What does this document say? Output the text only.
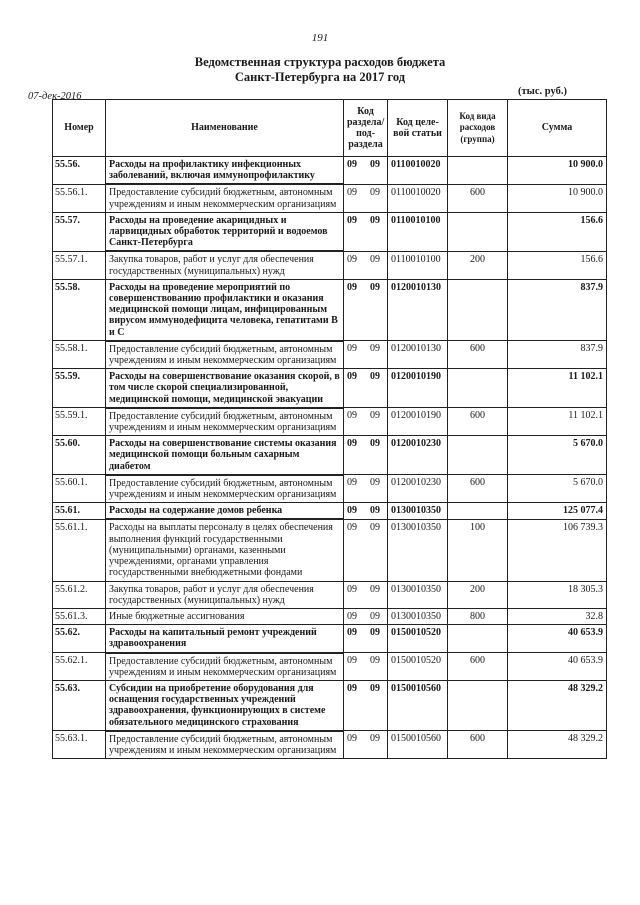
191
Ведомственная структура расходов бюджета
Санкт-Петербурга на 2017 год
07-дек-2016	(тыс. руб.)
Номер	Наименование	Код раздела/ под- раздела	Код целе- вой статьи	Код вида расходов (группа)	Сумма
55.56.	Расходы на профилактику инфекционных заболеваний, включая иммунопрофилактику	09 09	0110010020		10 900.0
55.56.1.	Предоставление субсидий бюджетным, автономным учреждениям и иным некоммерческим организациям	09 09	0110010020	600	10 900.0
55.57.	Расходы на проведение акарицидных и ларвицидных обработок территорий и водоемов Санкт-Петербурга	09 09	0110010100		156.6
55.57.1.	Закупка товаров, работ и услуг для обеспечения государственных (муниципальных) нужд	09 09	0110010100	200	156.6
55.58.	Расходы на проведение мероприятий по совершенствованию профилактики и оказания медицинской помощи лицам, инфицированным вирусом иммунодефицита человека, гепатитами В и С	09 09	0120010130		837.9
55.58.1.	Предоставление субсидий бюджетным, автономным учреждениям и иным некоммерческим организациям	09 09	0120010130	600	837.9
55.59.	Расходы на совершенствование оказания скорой, в том числе скорой специализированной, медицинской помощи, медицинской эвакуации	09 09	0120010190		11 102.1
55.59.1.	Предоставление субсидий бюджетным, автономным учреждениям и иным некоммерческим организациям	09 09	0120010190	600	11 102.1
55.60.	Расходы на совершенствование системы оказания медицинской помощи больным сахарным диабетом	09 09	0120010230		5 670.0
55.60.1.	Предоставление субсидий бюджетным, автономным учреждениям и иным некоммерческим организациям	09 09	0120010230	600	5 670.0
55.61.	Расходы на содержание домов ребенка	09 09	0130010350		125 077.4
55.61.1.	Расходы на выплаты персоналу в целях обеспечения выполнения функций государственными (муниципальными) органами, казенными учреждениями, органами управления государственными внебюджетными фондами	09 09	0130010350	100	106 739.3
55.61.2.	Закупка товаров, работ и услуг для обеспечения государственных (муниципальных) нужд	09 09	0130010350	200	18 305.3
55.61.3.	Иные бюджетные ассигнования	09 09	0130010350	800	32.8
55.62.	Расходы на капитальный ремонт учреждений здравоохранения	09 09	0150010520		40 653.9
55.62.1.	Предоставление субсидий бюджетным, автономным учреждениям и иным некоммерческим организациям	09 09	0150010520	600	40 653.9
55.63.	Субсидии на приобретение оборудования для оснащения государственных учреждений здравоохранения, функционирующих в системе обязательного медицинского страхования	09 09	0150010560		48 329.2
55.63.1.	Предоставление субсидий бюджетным, автономным учреждениям и иным некоммерческим организациям	09 09	0150010560	600	48 329.2
